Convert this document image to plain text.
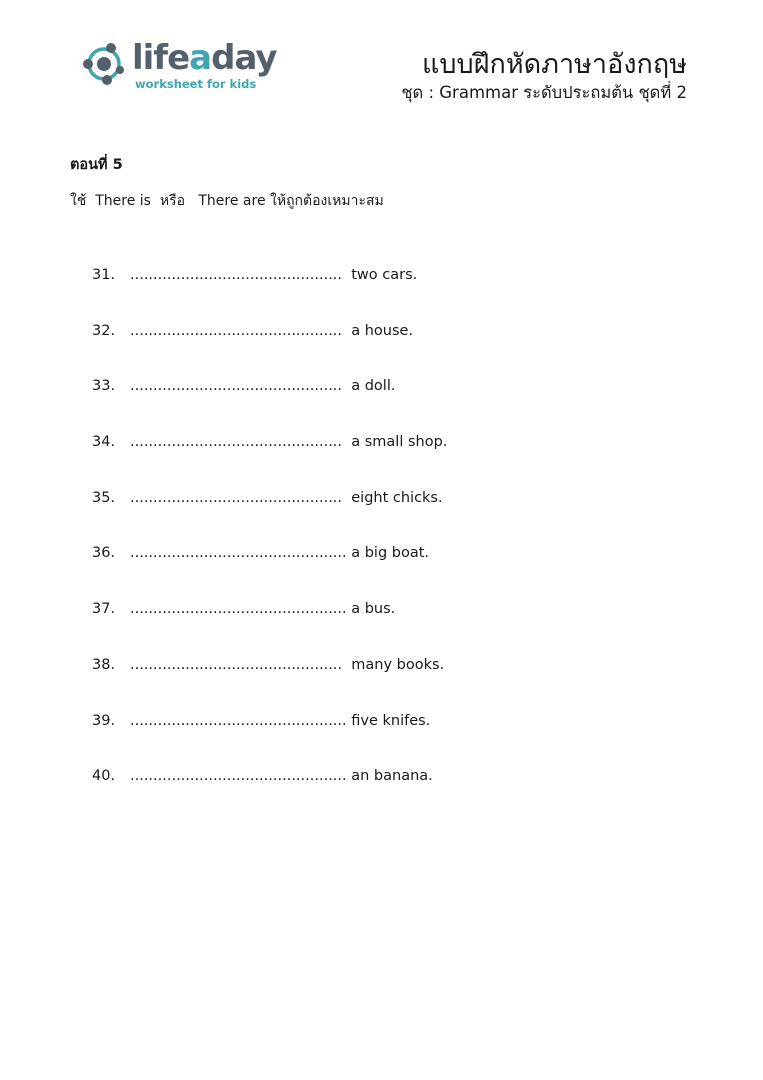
lifeaday
worksheet for kids
แบบฝึกหัดภาษาอังกฤษ
ชุด : Grammar ระดับประถมต้น ชุดที่ 2
ตอนที่ 5
ใช้  There is  หรือ   There are ให้ถูกต้องเหมาะสม
31. ..............................................  two cars.
32. ..............................................  a house.
33. ..............................................  a doll.
34. ..............................................  a small shop.
35. ..............................................  eight chicks.
36. ............................................... a big boat.
37. ............................................... a bus.
38. ..............................................  many books.
39. ............................................... five knifes.
40. ............................................... an banana.
